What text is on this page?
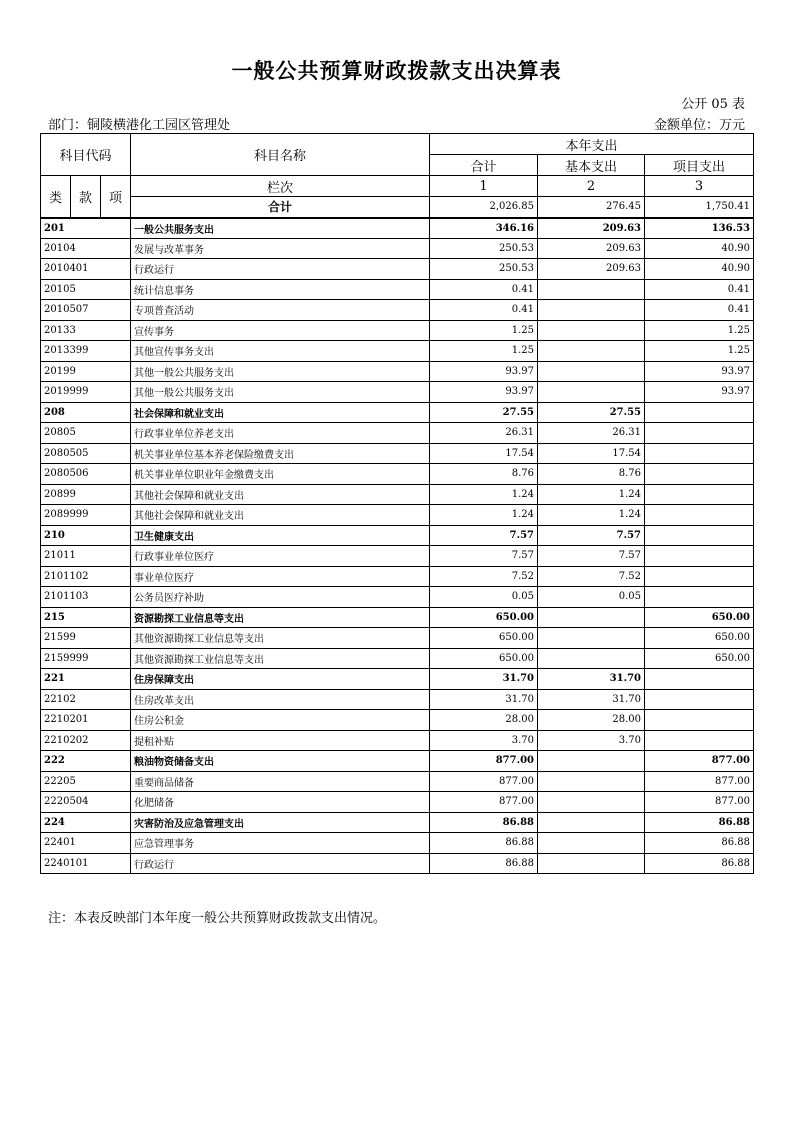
一般公共预算财政拨款支出决算表
公开 05 表
部门：铜陵横港化工园区管理处	金额单位：万元
科目代码			科目名称	本年支出		
				合计	基本支出	项目支出
类	款	项	栏次	1	2	3
			合计	2,026.85	276.45	1,750.41
201			一般公共服务支出	346.16	209.63	136.53
20104			发展与改革事务	250.53	209.63	40.90
2010401			行政运行	250.53	209.63	40.90
20105			统计信息事务	0.41		0.41
2010507			专项普查活动	0.41		0.41
20133			宣传事务	1.25		1.25
2013399			其他宣传事务支出	1.25		1.25
20199			其他一般公共服务支出	93.97		93.97
2019999			其他一般公共服务支出	93.97		93.97
208			社会保障和就业支出	27.55	27.55	
20805			行政事业单位养老支出	26.31	26.31	
2080505			机关事业单位基本养老保险缴费支出	17.54	17.54	
2080506			机关事业单位职业年金缴费支出	8.76	8.76	
20899			其他社会保障和就业支出	1.24	1.24	
2089999			其他社会保障和就业支出	1.24	1.24	
210			卫生健康支出	7.57	7.57	
21011			行政事业单位医疗	7.57	7.57	
2101102			事业单位医疗	7.52	7.52	
2101103			公务员医疗补助	0.05	0.05	
215			资源勘探工业信息等支出	650.00		650.00
21599			其他资源勘探工业信息等支出	650.00		650.00
2159999			其他资源勘探工业信息等支出	650.00		650.00
221			住房保障支出	31.70	31.70	
22102			住房改革支出	31.70	31.70	
2210201			住房公积金	28.00	28.00	
2210202			提租补贴	3.70	3.70	
222			粮油物资储备支出	877.00		877.00
22205			重要商品储备	877.00		877.00
2220504			化肥储备	877.00		877.00
224			灾害防治及应急管理支出	86.88		86.88
22401			应急管理事务	86.88		86.88
2240101			行政运行	86.88		86.88
注：本表反映部门本年度一般公共预算财政拨款支出情况。
